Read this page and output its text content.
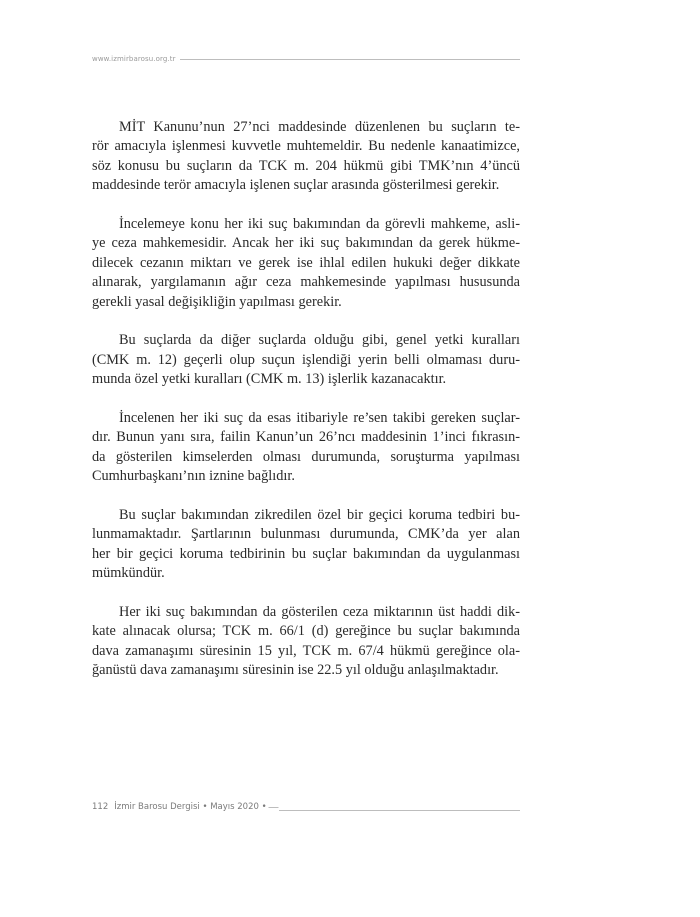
www.izmirbarosu.org.tr
MİT Kanunu’nun 27’nci maddesinde düzenlenen bu suçların te-
rör amacıyla işlenmesi kuvvetle muhtemeldir. Bu nedenle kanaatimizce,
söz konusu bu suçların da TCK m. 204 hükmü gibi TMK’nın 4’üncü
maddesinde terör amacıyla işlenen suçlar arasında gösterilmesi gerekir.
İncelemeye konu her iki suç bakımından da görevli mahkeme, asli-
ye ceza mahkemesidir. Ancak her iki suç bakımından da gerek hükme-
dilecek cezanın miktarı ve gerek ise ihlal edilen hukuki değer dikkate
alınarak, yargılamanın ağır ceza mahkemesinde yapılması hususunda
gerekli yasal değişikliğin yapılması gerekir.
Bu suçlarda da diğer suçlarda olduğu gibi, genel yetki kuralları
(CMK m. 12) geçerli olup suçun işlendiği yerin belli olmaması duru-
munda özel yetki kuralları (CMK m. 13) işlerlik kazanacaktır.
İncelenen her iki suç da esas itibariyle re’sen takibi gereken suçlar-
dır. Bunun yanı sıra, failin Kanun’un 26’ncı maddesinin 1’inci fıkrasın-
da gösterilen kimselerden olması durumunda, soruşturma yapılması
Cumhurbaşkanı’nın iznine bağlıdır.
Bu suçlar bakımından zikredilen özel bir geçici koruma tedbiri bu-
lunmamaktadır. Şartlarının bulunması durumunda, CMK’da yer alan
her bir geçici koruma tedbirinin bu suçlar bakımından da uygulanması
mümkündür.
Her iki suç bakımından da gösterilen ceza miktarının üst haddi dik-
kate alınacak olursa; TCK m. 66/1 (d) gereğince bu suçlar bakımında
dava zamanaşımı süresinin 15 yıl, TCK m. 67/4 hükmü gereğince ola-
ğanüstü dava zamanaşımı süresinin ise 22.5 yıl olduğu anlaşılmaktadır.
112 İzmir Barosu Dergisi • Mayıs 2020 •
